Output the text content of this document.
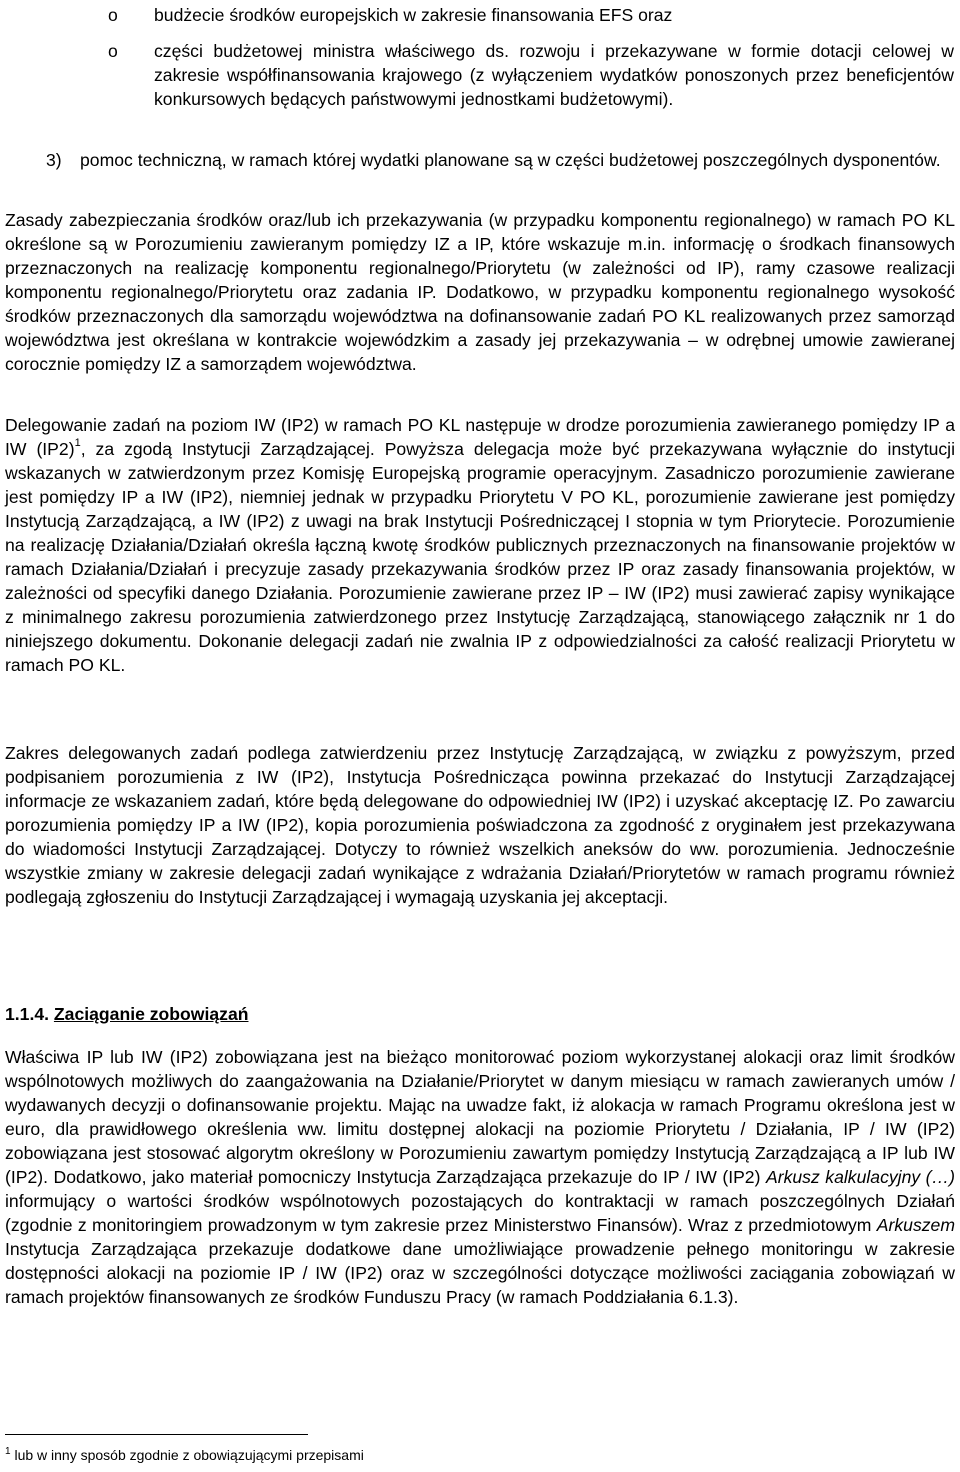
o budżecie środków europejskich w zakresie finansowania EFS oraz
o części budżetowej ministra właściwego ds. rozwoju i przekazywane w formie dotacji celowej w zakresie współfinansowania krajowego (z wyłączeniem wydatków ponoszonych przez beneficjentów konkursowych będących państwowymi jednostkami budżetowymi).
3) pomoc techniczną, w ramach której wydatki planowane są w części budżetowej poszczególnych dysponentów.

Zasady zabezpieczania środków oraz/lub ich przekazywania (w przypadku komponentu regionalnego) w ramach PO KL określone są w Porozumieniu zawieranym pomiędzy IZ a IP, które wskazuje m.in. informację o środkach finansowych przeznaczonych na realizację komponentu regionalnego/Priorytetu (w zależności od IP), ramy czasowe realizacji komponentu regionalnego/Priorytetu oraz zadania IP. Dodatkowo, w przypadku komponentu regionalnego wysokość środków przeznaczonych dla samorządu województwa na dofinansowanie zadań PO KL realizowanych przez samorząd województwa jest określana w kontrakcie wojewódzkim a zasady jej przekazywania – w odrębnej umowie zawieranej corocznie pomiędzy IZ a samorządem województwa.

Delegowanie zadań na poziom IW (IP2) w ramach PO KL następuje w drodze porozumienia zawieranego pomiędzy IP a IW $(IP2)^1$, za zgodą Instytucji Zarządzającej. Powyższa delegacja może być przekazywana wyłącznie do instytucji wskazanych w zatwierdzonym przez Komisję Europejską programie operacyjnym. Zasadniczo porozumienie zawierane jest pomiędzy IP a IW (IP2), niemniej jednak w przypadku Priorytetu V PO KL, porozumienie zawierane jest pomiędzy Instytucją Zarządzającą, a IW (IP2) z uwagi na brak Instytucji Pośredniczącej I stopnia w tym Priorytecie. Porozumienie na realizację Działania/Działań określa łączną kwotę środków publicznych przeznaczonych na finansowanie projektów w ramach Działania/Działań i precyzuje zasady przekazywania środków przez IP oraz zasady finansowania projektów, w zależności od specyfiki danego Działania. Porozumienie zawierane przez IP – IW (IP2) musi zawierać zapisy wynikające z minimalnego zakresu porozumienia zatwierdzonego przez Instytucję Zarządzającą, stanowiącego załącznik nr 1 do niniejszego dokumentu. Dokonanie delegacji zadań nie zwalnia IP z odpowiedzialności za całość realizacji Priorytetu w ramach PO KL.

Zakres delegowanych zadań podlega zatwierdzeniu przez Instytucję Zarządzającą, w związku z powyższym, przed podpisaniem porozumienia z IW (IP2), Instytucja Pośrednicząca powinna przekazać do Instytucji Zarządzającej informacje ze wskazaniem zadań, które będą delegowane do odpowiedniej IW (IP2) i uzyskać akceptację IZ. Po zawarciu porozumienia pomiędzy IP a IW (IP2), kopia porozumienia poświadczona za zgodność z oryginałem jest przekazywana do wiadomości Instytucji Zarządzającej. Dotyczy to również wszelkich aneksów do ww. porozumienia. Jednocześnie wszystkie zmiany w zakresie delegacji zadań wynikające z wdrażania Działań/Priorytetów w ramach programu również podlegają zgłoszeniu do Instytucji Zarządzającej i wymagają uzyskania jej akceptacji.

1.1.4. Zaciąganie zobowiązań

Właściwa IP lub IW (IP2) zobowiązana jest na bieżąco monitorować poziom wykorzystanej alokacji oraz limit środków wspólnotowych możliwych do zaangażowania na Działanie/Priorytet w danym miesiącu w ramach zawieranych umów / wydawanych decyzji o dofinansowanie projektu. Mając na uwadze fakt, iż alokacja w ramach Programu określona jest w euro, dla prawidłowego określenia ww. limitu dostępnej alokacji na poziomie Priorytetu / Działania, IP / IW (IP2) zobowiązana jest stosować algorytm określony w Porozumieniu zawartym pomiędzy Instytucją Zarządzającą a IP lub IW (IP2). Dodatkowo, jako materiał pomocniczy Instytucja Zarządzająca przekazuje do IP / IW (IP2) Arkusz kalkulacyjny (…) informujący o wartości środków wspólnotowych pozostających do kontraktacji w ramach poszczególnych Działań (zgodnie z monitoringiem prowadzonym w tym zakresie przez Ministerstwo Finansów). Wraz z przedmiotowym Arkuszem Instytucja Zarządzająca przekazuje dodatkowe dane umożliwiające prowadzenie pełnego monitoringu w zakresie dostępności alokacji na poziomie IP / IW (IP2) oraz w szczególności dotyczące możliwości zaciągania zobowiązań w ramach projektów finansowanych ze środków Funduszu Pracy (w ramach Poddziałania 6.1.3).

$^1$ lub w inny sposób zgodnie z obowiązującymi przepisami
